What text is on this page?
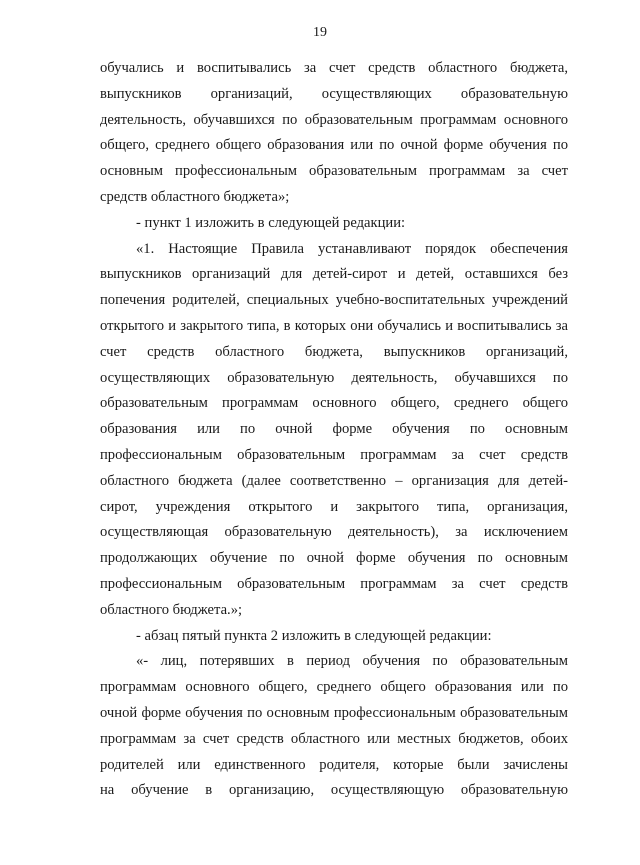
19
обучались и воспитывались за счет средств областного бюджета,
выпускников организаций, осуществляющих образовательную
деятельность, обучавшихся по образовательным программам основного
общего, среднего общего образования или по очной форме обучения по
основным профессиональным образовательным программам за счет
средств областного бюджета»;
- пункт 1 изложить в следующей редакции:
«1. Настоящие Правила устанавливают порядок обеспечения
выпускников организаций для детей-сирот и детей, оставшихся без
попечения родителей, специальных учебно-воспитательных учреждений
открытого и закрытого типа, в которых они обучались и воспитывались за
счет средств областного бюджета, выпускников организаций,
осуществляющих образовательную деятельность, обучавшихся по
образовательным программам основного общего, среднего общего
образования или по очной форме обучения по основным
профессиональным образовательным программам за счет средств
областного бюджета (далее соответственно – организация для детей-
сирот, учреждения открытого и закрытого типа, организация,
осуществляющая образовательную деятельность), за исключением
продолжающих обучение по очной форме обучения по основным
профессиональным образовательным программам за счет средств
областного бюджета.»;
- абзац пятый пункта 2 изложить в следующей редакции:
«- лиц, потерявших в период обучения по образовательным
программам основного общего, среднего общего образования или по
очной форме обучения по основным профессиональным образовательным
программам за счет средств областного или местных бюджетов, обоих
родителей или единственного родителя, которые были зачислены
на обучение в организацию, осуществляющую образовательную
